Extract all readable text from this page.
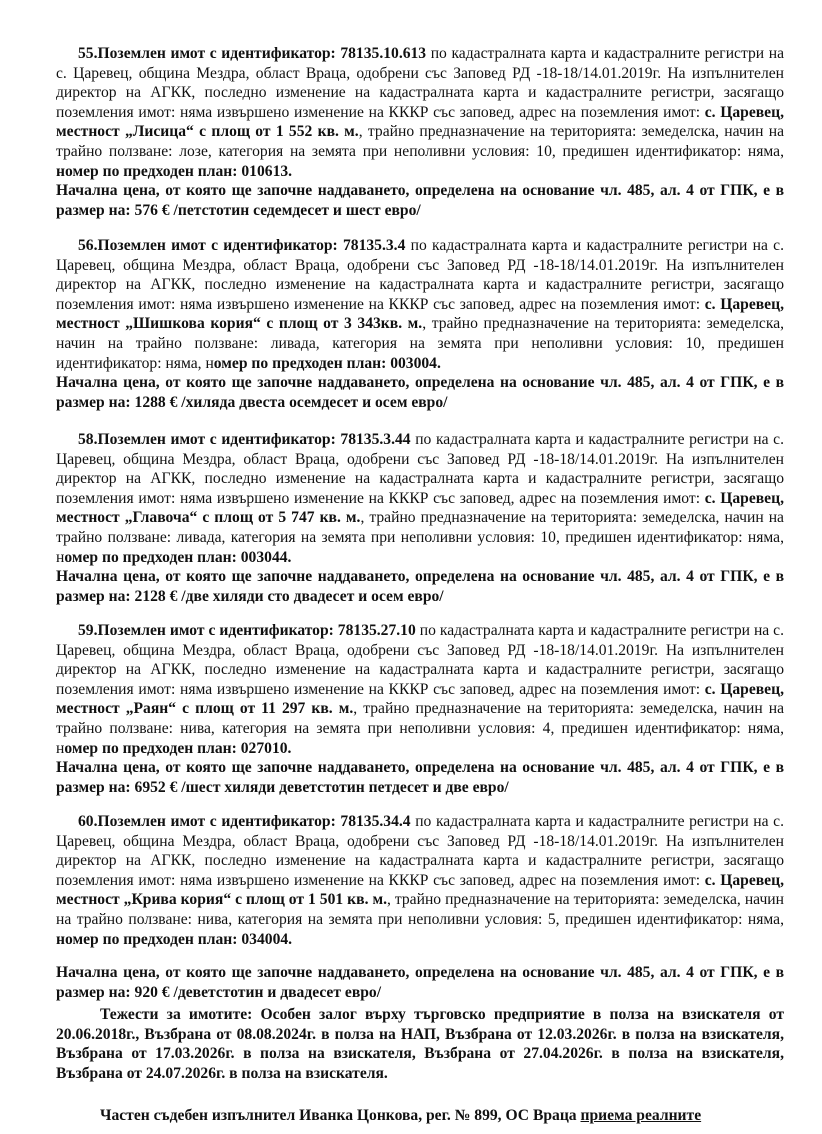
55.Поземлен имот с идентификатор: 78135.10.613 по кадастралната карта и кадастралните регистри на с. Царевец, община Мездра, област Враца, одобрени със Заповед РД -18-18/14.01.2019г. На изпълнителен директор на АГКК, последно изменение на кадастралната карта и кадастралните регистри, засягащо поземления имот: няма извършено изменение на КККР със заповед, адрес на поземления имот: с. Царевец, местност „Лисица“ с площ от 1 552 кв. м., трайно предназначение на територията: земеделска, начин на трайно ползване: лозе, категория на земята при неполивни условия: 10, предишен идентификатор: няма, номер по предходен план: 010613.

Начална цена, от която ще започне наддаването, определена на основание чл. 485, ал. 4 от ГПК, е в размер на: 576 € /петстотин седемдесет и шест евро/

56.Поземлен имот с идентификатор: 78135.3.4 по кадастралната карта и кадастралните регистри на с. Царевец, община Мездра, област Враца, одобрени със Заповед РД -18-18/14.01.2019г. На изпълнителен директор на АГКК, последно изменение на кадастралната карта и кадастралните регистри, засягащо поземления имот: няма извършено изменение на КККР със заповед, адрес на поземления имот: с. Царевец, местност „Шишкова кория“ с площ от 3 343кв. м., трайно предназначение на територията: земеделска, начин на трайно ползване: ливада, категория на земята при неполивни условия: 10, предишен идентификатор: няма, номер по предходен план: 003004.

Начална цена, от която ще започне наддаването, определена на основание чл. 485, ал. 4 от ГПК, е в размер на: 1288 € /хиляда двеста осемдесет и осем евро/

58.Поземлен имот с идентификатор: 78135.3.44 по кадастралната карта и кадастралните регистри на с. Царевец, община Мездра, област Враца, одобрени със Заповед РД -18-18/14.01.2019г. На изпълнителен директор на АГКК, последно изменение на кадастралната карта и кадастралните регистри, засягащо поземления имот: няма извършено изменение на КККР със заповед, адрес на поземления имот: с. Царевец, местност „Главоча“ с площ от 5 747 кв. м., трайно предназначение на територията: земеделска, начин на трайно ползване: ливада, категория на земята при неполивни условия: 10, предишен идентификатор: няма, номер по предходен план: 003044.

Начална цена, от която ще започне наддаването, определена на основание чл. 485, ал. 4 от ГПК, е в размер на: 2128 € /две хиляди сто двадесет и осем евро/

59.Поземлен имот с идентификатор: 78135.27.10 по кадастралната карта и кадастралните регистри на с. Царевец, община Мездра, област Враца, одобрени със Заповед РД -18-18/14.01.2019г. На изпълнителен директор на АГКК, последно изменение на кадастралната карта и кадастралните регистри, засягащо поземления имот: няма извършено изменение на КККР със заповед, адрес на поземления имот: с. Царевец, местност „Раян“ с площ от 11 297 кв. м., трайно предназначение на територията: земеделска, начин на трайно ползване: нива, категория на земята при неполивни условия: 4, предишен идентификатор: няма, номер по предходен план: 027010.

Начална цена, от която ще започне наддаването, определена на основание чл. 485, ал. 4 от ГПК, е в размер на: 6952 € /шест хиляди деветстотин петдесет и две евро/

60.Поземлен имот с идентификатор: 78135.34.4 по кадастралната карта и кадастралните регистри на с. Царевец, община Мездра, област Враца, одобрени със Заповед РД -18-18/14.01.2019г. На изпълнителен директор на АГКК, последно изменение на кадастралната карта и кадастралните регистри, засягащо поземления имот: няма извършено изменение на КККР със заповед, адрес на поземления имот: с. Царевец, местност „Крива кория“ с площ от 1 501 кв. м., трайно предназначение на територията: земеделска, начин на трайно ползване: нива, категория на земята при неполивни условия: 5, предишен идентификатор: няма, номер по предходен план: 034004.

Начална цена, от която ще започне наддаването, определена на основание чл. 485, ал. 4 от ГПК, е в размер на: 920 € /деветстотин и двадесет евро/

Тежести за имотите: Особен залог върху търговско предприятие в полза на взискателя от 20.06.2018г., Възбрана от 08.08.2024г. в полза на НАП, Възбрана от 12.03.2026г. в полза на взискателя, Възбрана от 17.03.2026г. в полза на взискателя, Възбрана от 27.04.2026г. в полза на взискателя, Възбрана от 24.07.2026г. в полза на взискателя.

Частен съдебен изпълнител Иванка Цонкова, рег. № 899, ОС Враца приема реалните
